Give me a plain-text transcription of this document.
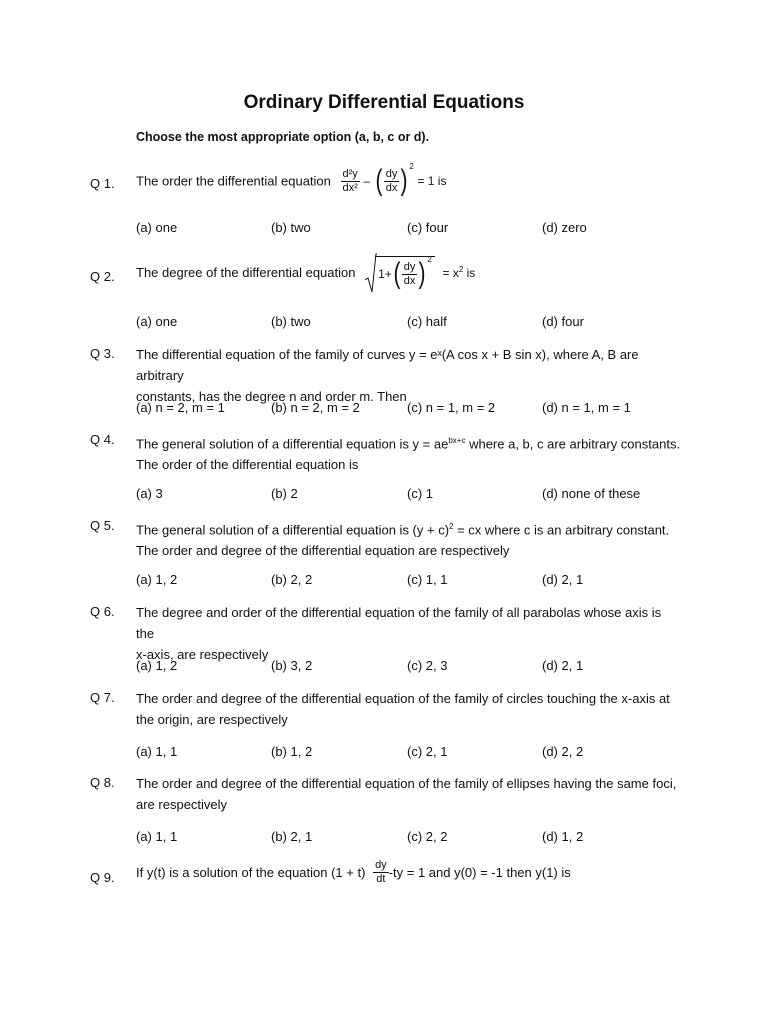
Ordinary Differential Equations
Choose the most appropriate option (a, b, c or d).
Q 1. The order the differential equation $\frac{\text{d²y}}{\text{dx²}}$ – ( $\frac{dy}{dx}$ ) $^2$ = 1 is
(a) one	(b) two	(c) four	(d) zero
Q 2. The degree of the differential equation $1+( \frac{dy}{dx}$ ) $^2 = x^2$ is
(a) one	(b) two	(c) half	(d) four
Q 3. The differential equation of the family of curves y = eˣ(A cos x + B sin x), where A, B are arbitrary
constants, has the degree n and order m. Then
(a) n = 2, m = 1	(b) n = 2, m = 2	(c) n = 1, m = 2	(d) n = 1, m = 1
Q 4. The general solution of a differential equation is $y = ae^{bx+c}$ where a, b, c are arbitrary constants.
The order of the differential equation is
(a) 3	(b) 2	(c) 1	(d) none of these
Q 5. The general solution of a differential equation is $(y + c)^2$ = cx where c is an arbitrary constant.
The order and degree of the differential equation are respectively
(a) 1, 2	(b) 2, 2	(c) 1, 1	(d) 2, 1
Q 6. The degree and order of the differential equation of the family of all parabolas whose axis is the
x-axis, are respectively
(a) 1, 2	(b) 3, 2	(c) 2, 3	(d) 2, 1
Q 7. The order and degree of the differential equation of the family of circles touching the x-axis at
the origin, are respectively
(a) 1, 1	(b) 1, 2	(c) 2, 1	(d) 2, 2
Q 8. The order and degree of the differential equation of the family of ellipses having the same foci,
are respectively
(a) 1, 1	(b) 2, 1	(c) 2, 2	(d) 1, 2
Q 9. If y(t) is a solution of the equation $(1 + t) \frac{dy}{dt} -ty = 1$ and y(0) = -1 then y(1) is
